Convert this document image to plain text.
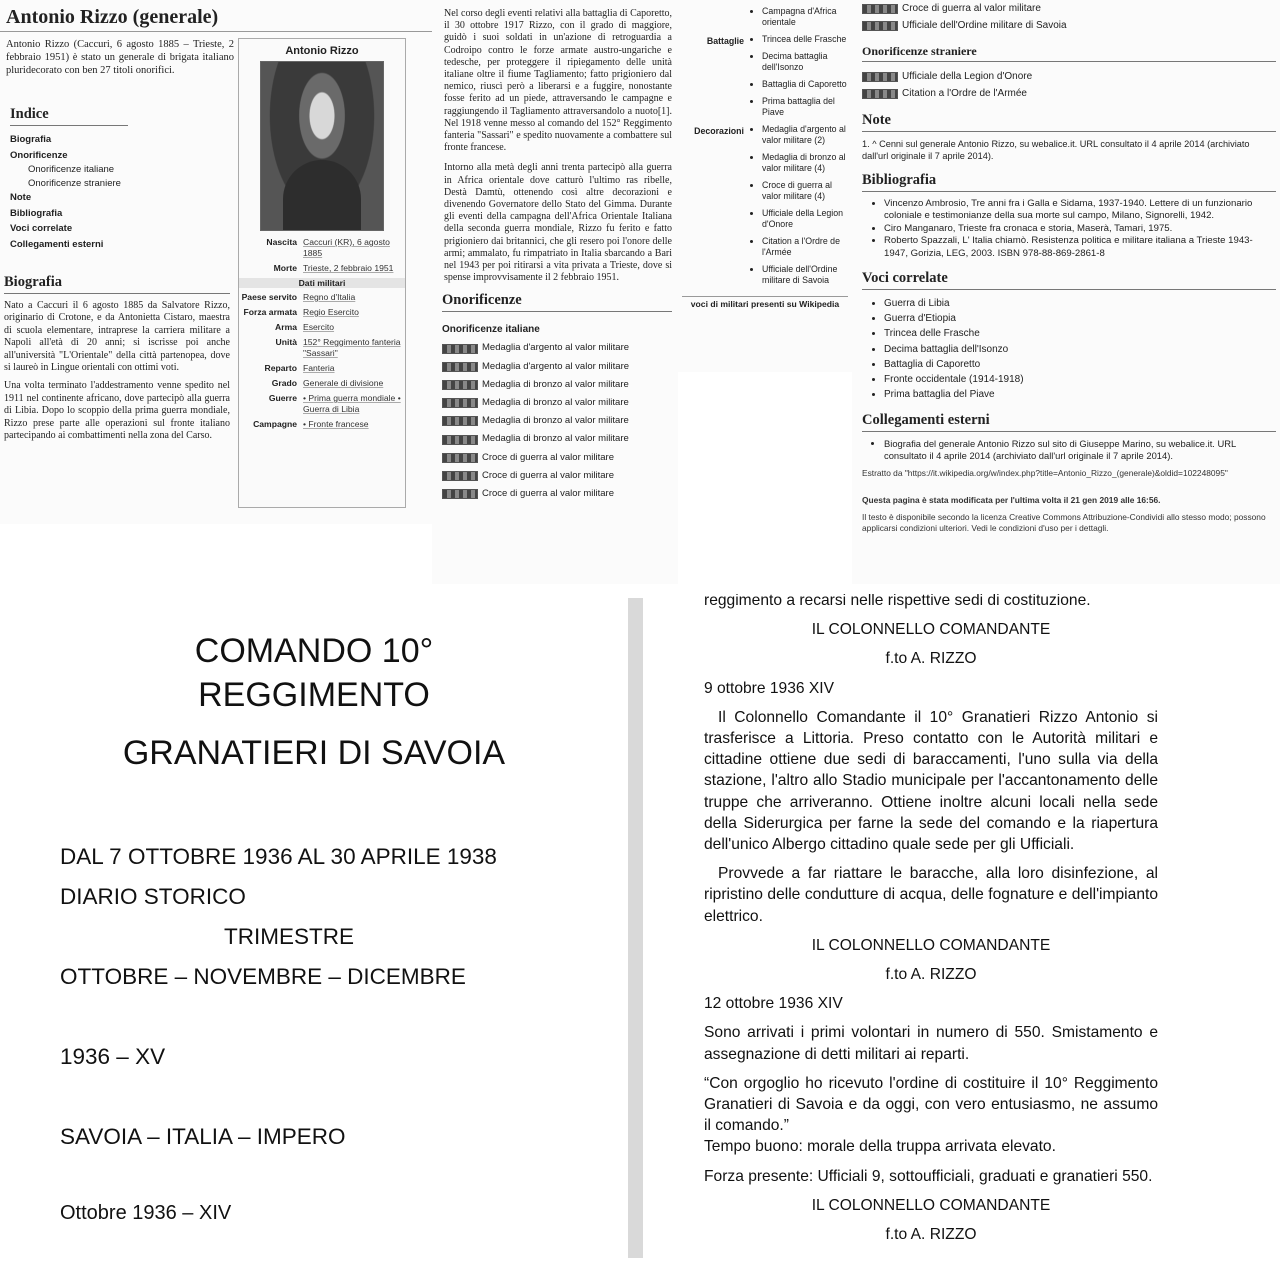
Antonio Rizzo (generale)
Antonio Rizzo (Caccuri, 6 agosto 1885 – Trieste, 2 febbraio 1951) è stato un generale di brigata italiano pluridecorato con ben 27 titoli onorifici.
Indice
Biografia
Onorificenze
Onorificenze italiane
Onorificenze straniere
Note
Bibliografia
Voci correlate
Collegamenti esterni
Biografia

Nato a Caccuri il 6 agosto 1885 da Salvatore Rizzo, originario di Crotone, e da Antonietta Cistaro, maestra di scuola elementare, intraprese la carriera militare a Napoli all'età di 20 anni; si iscrisse poi anche all'università "L'Orientale" della città partenopea, dove si laureò in Lingue orientali con ottimi voti.

Una volta terminato l'addestramento venne spedito nel 1911 nel continente africano, dove partecipò alla guerra di Libia. Dopo lo scoppio della prima guerra mondiale, Rizzo prese parte alle operazioni sul fronte italiano partecipando ai combattimenti nella zona del Carso.

Antonio Rizzo
Nascita Caccuri (KR), 6 agosto 1885
Morte Trieste, 2 febbraio 1951
Dati militari
Paese servito Regno d'Italia
Forza armata Regio Esercito
Arma Esercito
Unità 152° Reggimento fanteria "Sassari"
Reparto Fanteria
Grado Generale di divisione
Guerre • Prima guerra mondiale • Guerra di Libia
Campagne • Fronte francese

Nel corso degli eventi relativi alla battaglia di Caporetto, il 30 ottobre 1917 Rizzo, con il grado di maggiore, guidò i suoi soldati in un'azione di retroguardia a Codroipo contro le forze armate austro-ungariche e tedesche, per proteggere il ripiegamento delle unità italiane oltre il fiume Tagliamento; fatto prigioniero dal nemico, riuscì però a liberarsi e a fuggire, nonostante fosse ferito ad un piede, attraversando le campagne e raggiungendo il Tagliamento attraversandolo a nuoto[1]. Nel 1918 venne messo al comando del 152° Reggimento fanteria "Sassari" e spedito nuovamente a combattere sul fronte francese.

Intorno alla metà degli anni trenta partecipò alla guerra in Africa orientale dove catturò l'ultimo ras ribelle, Destà Damtù, ottenendo così altre decorazioni e divenendo Governatore dello Stato del Gimma. Durante gli eventi della campagna dell'Africa Orientale Italiana della seconda guerra mondiale, Rizzo fu ferito e fatto prigioniero dai britannici, che gli resero poi l'onore delle armi; ammalato, fu rimpatriato in Italia sbarcando a Bari nel 1943 per poi ritirarsi a vita privata a Trieste, dove si spense improvvisamente il 2 febbraio 1951.

Onorificenze
Onorificenze italiane
Medaglia d'argento al valor militare
Medaglia d'argento al valor militare
Medaglia di bronzo al valor militare
Medaglia di bronzo al valor militare
Medaglia di bronzo al valor militare
Medaglia di bronzo al valor militare
Croce di guerra al valor militare
Croce di guerra al valor militare
Croce di guerra al valor militare
• Campagna d'Africa orientale
Battaglie	• Trincea delle Frasche
• Decima battaglia dell'Isonzo
• Battaglia di Caporetto
• Prima battaglia del Piave
Decorazioni	• Medaglia d'argento al valor militare (2)
• Medaglia di bronzo al valor militare (4)
• Croce di guerra al valor militare (4)
• Ufficiale della Legion d'Onore
• Citation a l'Ordre de l'Armée
• Ufficiale dell'Ordine militare di Savoia
voci di militari presenti su Wikipedia
Croce di guerra al valor militare
Ufficiale dell'Ordine militare di Savoia
Onorificenze straniere
Ufficiale della Legion d'Onore
Citation a l'Ordre de l'Armée
Note
1. ^ Cenni sul generale Antonio Rizzo, su webalice.it. URL consultato il 4 aprile 2014 (archiviato dall'url originale il 7 aprile 2014).
Bibliografia
• Vincenzo Ambrosio, Tre anni fra i Galla e Sidama, 1937-1940. Lettere di un funzionario coloniale e testimonianze della sua morte sul campo, Milano, Signorelli, 1942.
• Ciro Manganaro, Trieste fra cronaca e storia, Maserà, Tamari, 1975.
• Roberto Spazzali, L' Italia chiamò. Resistenza politica e militare italiana a Trieste 1943-1947, Gorizia, LEG, 2003. ISBN 978-88-869-2861-8
Voci correlate
• Guerra di Libia
• Guerra d'Etiopia
• Trincea delle Frasche
• Decima battaglia dell'Isonzo
• Battaglia di Caporetto
• Fronte occidentale (1914-1918)
• Prima battaglia del Piave
Collegamenti esterni
• Biografia del generale Antonio Rizzo sul sito di Giuseppe Marino, su webalice.it. URL consultato il 4 aprile 2014 (archiviato dall'url originale il 7 aprile 2014).
Estratto da "https://it.wikipedia.org/w/index.php?title=Antonio_Rizzo_(generale)&oldid=102248095"
Questa pagina è stata modificata per l'ultima volta il 21 gen 2019 alle 16:56.
Il testo è disponibile secondo la licenza Creative Commons Attribuzione-Condividi allo stesso modo; possono applicarsi condizioni ulteriori. Vedi le condizioni d'uso per i dettagli.
COMANDO 10°
REGGIMENTO
GRANATIERI DI SAVOIA
DAL 7 OTTOBRE 1936 AL 30 APRILE 1938
DIARIO STORICO
TRIMESTRE
OTTOBRE – NOVEMBRE – DICEMBRE
1936 – XV
SAVOIA – ITALIA – IMPERO
Ottobre 1936 – XIV
reggimento a recarsi nelle rispettive sedi di costituzione.
IL COLONNELLO COMANDANTE
f.to A. RIZZO
9 ottobre 1936 XIV
Il Colonnello Comandante il 10° Granatieri Rizzo Antonio si trasferisce a Littoria. Preso contatto con le Autorità militari e cittadine ottiene due sedi di baraccamenti, l'uno sulla via della stazione, l'altro allo Stadio municipale per l'accantonamento delle truppe che arriveranno. Ottiene inoltre alcuni locali nella sede della Siderurgica per farne la sede del comando e la riapertura dell'unico Albergo cittadino quale sede per gli Ufficiali.
Provvede a far riattare le baracche, alla loro disinfezione, al ripristino delle condutture di acqua, delle fognature e dell'impianto elettrico.
IL COLONNELLO COMANDANTE
f.to A. RIZZO
12 ottobre 1936 XIV
Sono arrivati i primi volontari in numero di 550. Smistamento e assegnazione di detti militari ai reparti.
“Con orgoglio ho ricevuto l'ordine di costituire il 10° Reggimento Granatieri di Savoia e da oggi, con vero entusiasmo, ne assumo il comando.”
Tempo buono: morale della truppa arrivata elevato.
Forza presente: Ufficiali 9, sottoufficiali, graduati e granatieri 550.
IL COLONNELLO COMANDANTE
f.to A. RIZZO
